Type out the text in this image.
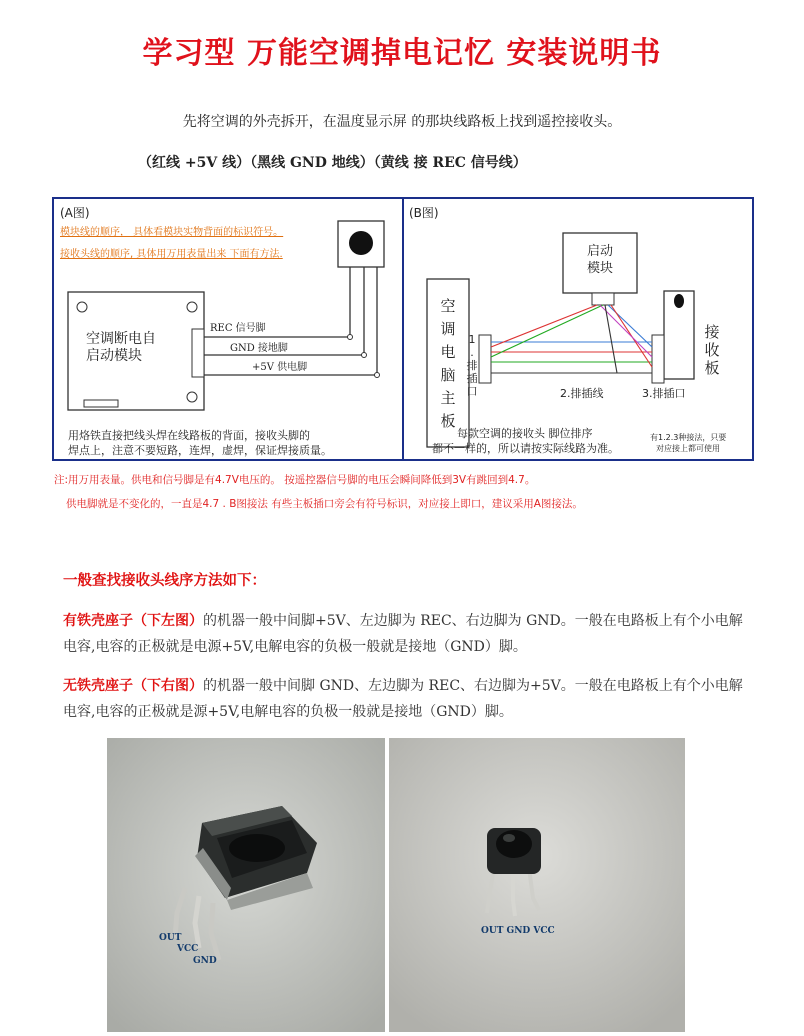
学习型 万能空调掉电记忆 安装说明书
先将空调的外壳拆开，在温度显示屏 的那块线路板上找到遥控接收头。
（红线 +5V 线）（黑线 GND 地线）（黄线 接 REC 信号线）
(A图)
模块线的顺序， 具体看模块实物背面的标识符号。
接收头线的顺序, 具体用万用表量出来 下面有方法.
空调断电自
启动模块
REC 信号脚
GND 接地脚
+5V 供电脚
用烙铁直接把线头焊在线路板的背面，接收头脚的
焊点上，注意不要短路，连焊，虚焊，保证焊接质量。
(B图)
启动
模块
空调电脑主板
1 .排插口
接收板
2.排插线	3.排插口
每款空调的接收头 脚位排序
都不一样的，所以请按实际线路为准。
有1.2.3种接法，只要
对应接上都可使用
注:用万用表量。供电和信号脚是有4.7V电压的。 按遥控器信号脚的电压会瞬间降低到3V有跳回到4.7。
供电脚就是不变化的，一直是4.7 . B图接法 有些主板插口旁会有符号标识，对应接上即口，建议采用A图接法。
一般查找接收头线序方法如下：
有铁壳座子（下左图）的机器一般中间脚+5V、左边脚为 REC、右边脚为 GND。一般在电路板上有个小电解电容,电容的正极就是电源+5V,电解电容的负极一般就是接地（GND）脚。
无铁壳座子（下右图）的机器一般中间脚 GND、左边脚为 REC、右边脚为+5V。一般在电路板上有个小电解电容,电容的正极就是源+5V,电解电容的负极一般就是接地（GND）脚。
OUT
VCC
GND
OUT GND VCC
